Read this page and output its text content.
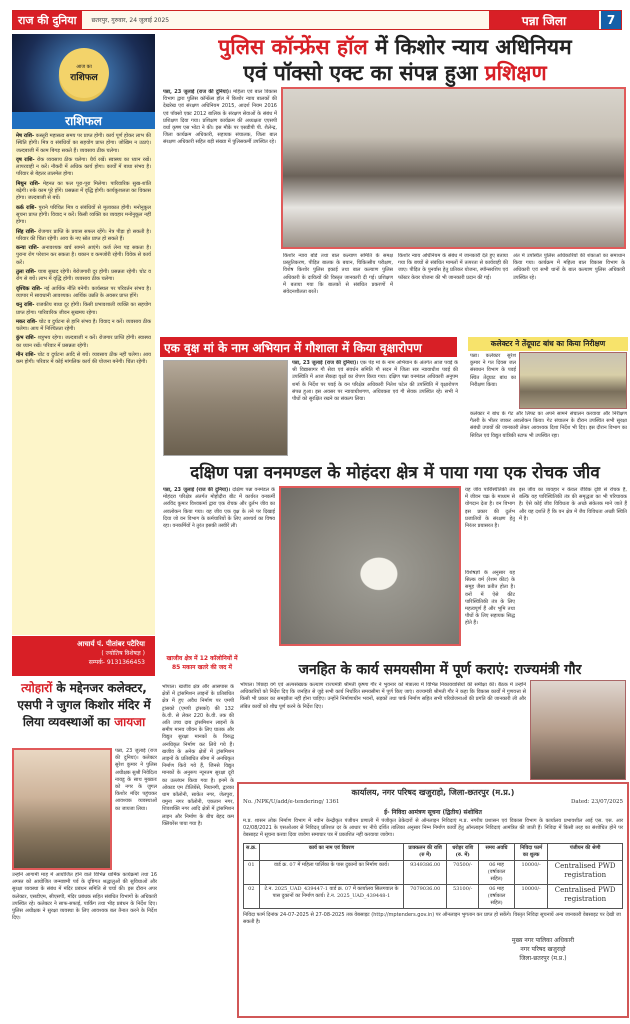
राज की दुनिया	छतरपुर, गुरुवार, 24 जुलाई 2025	पन्ना जिला	7
आज का
राशिफल
राशिफल

मेष राशि- कस्तूरी महासत्व समय पर प्राप्त होगी। कार्य पूर्ण होकर लाभ की स्थिति होगी। मित्र व संबंधियों का सहयोग प्राप्त होगा। जोखिम न उठाएं। जल्दबाजी में काम बिगड़ सकते हैं। व्यवसाय ठीक चलेगा।

वृष राशि- रोक व्यवसाय ठीक चलेगा। धैर्य रखें। स्वास्थ्य का ध्यान रखें। लापरवाही न करें। नौकरी में अधिक कार्य होगा। कार्यों में बाधा संभव है। परिवार से बेहतर तालमेल होगा।

मिथुन राशि- मेहनत का फल पूरा-पूरा मिलेगा। पारिवारिक सुख-शांति बढ़ेगी। रुके काम पूरे होंगे। प्रसन्नता में वृद्धि होगी। कार्यकुशलता का विकास होगा। जल्दबाजी से बचें।

कर्क राशि- पुराने परिचित मित्र व संबंधियों से मुलाकात होगी। मनोनुकूल सूचना प्राप्त होगी। विवाद न करें। किसी व्यक्ति का व्यवहार मनोनुकूल नहीं होगा।

सिंह राशि- रोजगार प्राप्ति के प्रयास सफल रहेंगे। नेत्र पीड़ा हो सकती है। परिवार की चिंता रहेगी। आय के नए स्रोत प्राप्त हो सकते हैं।

कन्या राशि- अनावश्यक खर्च सामने आएंगे। कर्ज लेना पड़ सकता है। पुराना रोग परेशान कर सकता है। थकान व कमजोरी रहेगी। विवेक से कार्य करें।

तुला राशि- यात्रा सुखद रहेगी। बेरोजगारी दूर होगी। प्रसन्नता रहेगी। चोट व रोग से बचें। लाभ में वृद्धि होगी। व्यवसाय ठीक चलेगा।

वृश्चिक राशि- नई आर्थिक नीति बनेगी। कार्यस्थल पर परिवर्तन संभव है। व्यापार में सावधानी आवश्यक। आर्थिक उन्नति के अवसर प्राप्त होंगे।

धनु राशि- राजकीय बाधा दूर होगी। किसी प्रभावशाली व्यक्ति का सहयोग प्राप्त होगा। पारिवारिक जीवन सुखमय रहेगा।

मकर राशि- चोट व दुर्घटना से हानि संभव है। विवाद न करें। व्यवसाय ठीक चलेगा। आय में निश्चितता रहेगी।

कुंभ राशि- शत्रुभय रहेगा। जल्दबाजी न करें। रोजगार प्राप्ति होगी। स्वास्थ्य का ध्यान रखें। परिवार में प्रसन्नता रहेगी।

मीन राशि- चोट व दुर्घटना आदि से बचें। व्यवसाय ठीक नहीं चलेगा। आय कम होगी। परिवार में कोई मांगलिक कार्य की योजना बनेगी। चिंता रहेगी।

आचार्य पं. पीतांबर पटैरिया
( ज्योतिष विशेषज्ञ )
सम्पर्क- 9131366453
त्योहारों के मद्देनजर कलेक्टर,
एसपी ने जुगल किशोर मंदिर में
लिया व्यवस्थाओं का जायजा
पन्ना, 23 जुलाई (राज की दुनिया)। कलेक्टर सुरेश कुमार ने पुलिस अधीक्षक सुश्री निवेदिता नायडू के साथ मुख्यतः को नगर के जुगल किशोर मंदिर पहुंचकर आवश्यक व्यवस्थाओं का जायजा लिया।
उन्होंने आगामी माह में आयोजित होने वाले विभिन्न धार्मिक कार्यक्रमों तथा 16 अगस्त को आयोजित जन्माष्टमी पर्व के दृष्टिगत श्रद्धालुओं की सुविधाओं और सुरक्षा व्यवस्था के संबंध में मंदिर प्रबंधन समिति से चर्चा की। इस दौरान अपर कलेक्टर, एसडीएम, सीएसपी, मंदिर प्रबंधक सहित संबंधित विभागों के अधिकारी उपस्थित रहे। कलेक्टर ने साफ-सफाई, पार्किंग तथा भीड़ प्रबंधन के निर्देश दिए। पुलिस अधीक्षक ने सुरक्षा व्यवस्था के लिए आवश्यक बल तैनात करने के निर्देश दिए।
पुलिस कॉन्फ्रेंस हॉल में किशोर न्याय अधिनियम
एवं पॉक्सो एक्ट का संपन्न हुआ प्रशिक्षण
पन्ना, 23 जुलाई (राज की दुनिया)। महिला एवं बाल विकास विभाग द्वारा पुलिस कॉन्फ्रेंस हॉल में किशोर न्याय बालकों की देखरेख एवं संरक्षण अधिनियम 2015, आदर्श नियम 2016 एवं पॉक्सो एक्ट 2012 बालिक के संरक्षण सेवाओं के संबंध में प्रशिक्षण दिया गया। प्रशिक्षण कार्यक्रम की अध्यक्षता एएसपी वर्धा कृष्ण एस भोटा ने की। इस मौके पर एसडीपी पी. शैलेन्द्र, जिला कार्यक्रम अधिकारी, सहायक संचालक, जिला बाल संरक्षण अधिकारी सहित बड़ी संख्या में पुलिसकर्मी उपस्थित रहे।
किशोर न्याय बोर्ड तथा बाल कल्याण समिति के समक्ष प्रस्तुतिकरण, पीड़ित बालक के बयान, चिकित्सीय परीक्षण, विशेष किशोर पुलिस इकाई तथा बाल कल्याण पुलिस अधिकारी के दायित्वों की विस्तृत जानकारी दी गई। प्रशिक्षण में बताया गया कि बालकों से संबंधित प्रकरणों में संवेदनशीलता बरतें।
किशोर न्याय अधिनियम के संबंध में जानकारी देते हुए बताया गया कि बच्चों से संबंधित मामलों में तत्परता से कार्यवाही की जाए। पीड़ित के पुनर्वास हेतु प्रतिकर योजना, स्पॉन्सरशिप एवं फॉस्टर केयर योजना की भी जानकारी प्रदान की गई।
अंत में उपस्थित पुलिस अधिकारियों की शंकाओं का समाधान किया गया। कार्यक्रम में महिला बाल विकास विभाग के अधिकारी एवं सभी थानों के बाल कल्याण पुलिस अधिकारी उपस्थित रहे।
एक वृक्ष मां के नाम अभियान में गौशाला में किया वृक्षारोपण
पन्ना, 23 जुलाई (राज की दुनिया)। एक पेड़ मां के नाम अभियान के अंतर्गत आज पवई के श्री विद्यासागर गौ सेवा एवं संवर्धन समिति गौ सदन में जिला सत्र न्यायाधीश पवई की उपस्थिति में आज सैकड़ा वृक्षों का रोपण किया गया। दक्षिण पन्ना वनमंडल अधिकारी अनुपम शर्मा के निर्देश पर पवई के वन परिक्षेत्र अधिकारी नितेश पटेल की उपस्थिति में वृक्षारोपण संपन्न हुआ। इस अवसर पर न्यायाधीशगण, अधिवक्ता एवं गौ सेवक उपस्थित रहे। सभी ने पौधों को सुरक्षित रखने का संकल्प लिया।
कलेक्टर ने तेंदूघाट बांध का किया निरीक्षण
पन्ना। कलेक्टर सुरेश कुमार ने गत दिवस जल संसाधन विभाग के पवई स्थित तेंदूघाट बांध का निरीक्षण किया।
कलेक्टर ने बांध के गेट और लिफ्ट का अपने सामने संचालन करवाया और निरीक्षण गैलरी के भीतर जाकर अवलोकन किया। गेट संचालन के दौरान उपस्थित सभी सुरक्षा संबंधी उपायों की जानकारी लेकर आवश्यक दिशा निर्देश भी दिए। इस दौरान विभाग का सिविल एवं विद्युत यांत्रिकी स्टाफ भी उपस्थित रहा।
दक्षिण पन्ना वनमण्डल के मोहंदरा क्षेत्र में पाया गया एक रोचक जीव
पन्ना, 23 जुलाई (राज की दुनिया)। दक्षिण पन्ना वनमंडल के मोहंदरा परिक्षेत्र अंतर्गत मोहोदौरा बीट में कार्यरत वनकर्मी अरविंद कुमार विश्वकर्मा द्वारा एक रोचक और दुर्लभ जीव का अवलोकन किया गया। यह जीव एक वृक्ष के तने पर दिखाई दिया जो वन विभाग के कर्मचारियों के लिए आश्चर्य का विषय रहा। वनकर्मियों ने तुरंत इसकी तस्वीरें लीं।
विशेषज्ञों के अनुसार यह सिल्क वर्म (रेशम कीट) के समूह जैसा प्रतीत होता है। वनों में ऐसे कीट पारिस्थितिकी तंत्र के लिए महत्वपूर्ण हैं और भूमि तथा पौधों के लिए सहायक सिद्ध होते हैं।
यह जीव पारिस्थितिकी तंत्र में जीवन चक्र के माध्यम से योगदान देता है। वन विभाग इस प्रकार की दुर्लभ प्रजातियों के संरक्षण हेतु निरंतर प्रयासरत है।
इस जीव का व्यवहार न केवल जैविक दृष्टि से रोचक है, बल्कि यह पारिस्थितिकी तंत्र की समृद्धता का भी परिचायक है। ऐसे कोई जीव विविधता के अच्छे संकेतक माने जाते हैं और यह दर्शाते हैं कि वन क्षेत्र में जैव विविधता अच्छी स्थिति में है।
खाजीव क्षेत्र में 12 कॉलोनियों में 85 मकान खतरे की जद में
भोपाल। खजीव क्षेत्र और आसपास के क्षेत्रों में ट्रांसमिशन लाइनों के प्रतिबंधित क्षेत्र में हुए अवैध निर्माण पर एमपी ट्रांसको (एमपी ट्रांसको) की 132 के.वी. से लेकर 220 के.वी. तक की अति उच्च दाब ट्रांसमिशन लाइनों के समीप मानव जीवन के लिए घातक और विद्युत सुरक्षा मानकों के विरुद्ध अनधिकृत निर्माण कर लिये गये हैं। खजीव के अनेक क्षेत्रों में ट्रांसमिशन लाइनों के प्रतिबंधित सीमा में अनधिकृत निर्माण किये गये हैं, जिनसे विद्युत मानकों के अनुरूप न्यूनतम सुरक्षा दूरी का उल्लंघन किया गया है। इनमें के ओकाड एम टीलियेंसे, नियानगी, द्वारका धाम कॉलोनी, साकेत नगर, जेलपुरा, यमुना नगर कॉलोनी, एकतान नगर, शिवशक्ति नगर आदि क्षेत्रों में ट्रांसमिशन लाइन और निर्माण के बीच बेहद कम क्लियरेंस पाया गया है।
जनहित के कार्य समयसीमा में पूर्ण कराएं: राज्यमंत्री गौर
भोपाल। पिछड़ा वर्ग एवं अल्पसंख्यक कल्याण राज्यमंत्री श्रीमती कृष्णा गौर ने भुवनार को मंत्रालय में विभिन्न निकायवासियों की समीक्षा की। बैठक में उन्होंने अधिकारियों को निर्देश दिए कि जनहित से जुड़े सभी कार्य निर्धारित समयसीमा में पूर्ण किए जाएं। राज्यमंत्री श्रीमती गौर ने कहा कि विकास कार्यों में गुणवत्ता से किसी भी प्रकार का समझौता नहीं होना चाहिए। उन्होंने निर्माणाधीन भवनों, सड़कों तथा पार्क निर्माण सहित सभी परियोजनाओं की प्रगति की जानकारी ली और लंबित कार्यों को शीघ्र पूर्ण करने के निर्देश दिए।
कार्यालय, नगर परिषद खजुराहो, जिला-छतरपुर (म.प्र.)
No. /NPK/U/add/e-tendering/ 1361	Dated: 23/07/2025
ई- निविदा आमंत्रण सूचना (द्वितीय) संशोधित
म.प्र. शासन लोक निर्माण विभाग में नवीन केन्द्रीकृत पंजीयन प्रणाली में पंजीकृत ठेकेदारों से ऑनलाइन निविदाएं म.प्र. नगरीय प्रशासन एवं विकास विभाग के कार्यालय प्रभावशील आई एस. एस. आर 02/08/2021 के एसओआर से निविदत् प्रतिशत दर के आधार पर नीचे दर्शित तालिका अनुसार निम्न निर्माण कार्यों हेतु ऑनलाइन निविदाएं आमंत्रित की जाती हैं। निविदा में किसी तरह का संशोधित होने पर वेबसाइट में सूचना करवा दिया जावेगा समाचार पत्र में प्रकाशित नहीं करवाया जावेगा।
स.क्र.	कार्य का नाम एवं विवरण	प्राक्कलन की राशि (रु में)	धरोहर राशि (रु. में)	समय अवधि	निविदा फार्म का शुल्क	पंजीयन की श्रेणी
01	वार्ड क्र. 07 में महिला पार्लिका के पास दुकानों का निर्माण कार्य।	9349386.00	70500/-	06 माह (वर्षाकाल सहित)	10000/-	Centralised PWD registration
02	टे.न. 2025_UAD_439447-1 वार्ड क्र. 07 में कार्यालय सिलगवाल के पास दुकानों का निर्माण कार्य। टे.न. 2025_UAD_439448-1	7079036.00	53100/-	06 माह (वर्षाकाल सहित)	10000/-	Centralised PWD registration
निविदा फार्म दिनांक 24-07-2025 से 27-08-2025 तक वेबसाइट (http://mptenders.gov.in) पर ऑनलाइन भुगतान कर प्राप्त हो सकेंगे। विस्तृत निविदा सूचनायें अन्य जानकारी वेबसाइट पर देखी जा सकती है।
मुख्य नगर पालिका अधिकारी
नगर परिषद खजुराहो
जिला-छतरपुर (म.प्र.)
